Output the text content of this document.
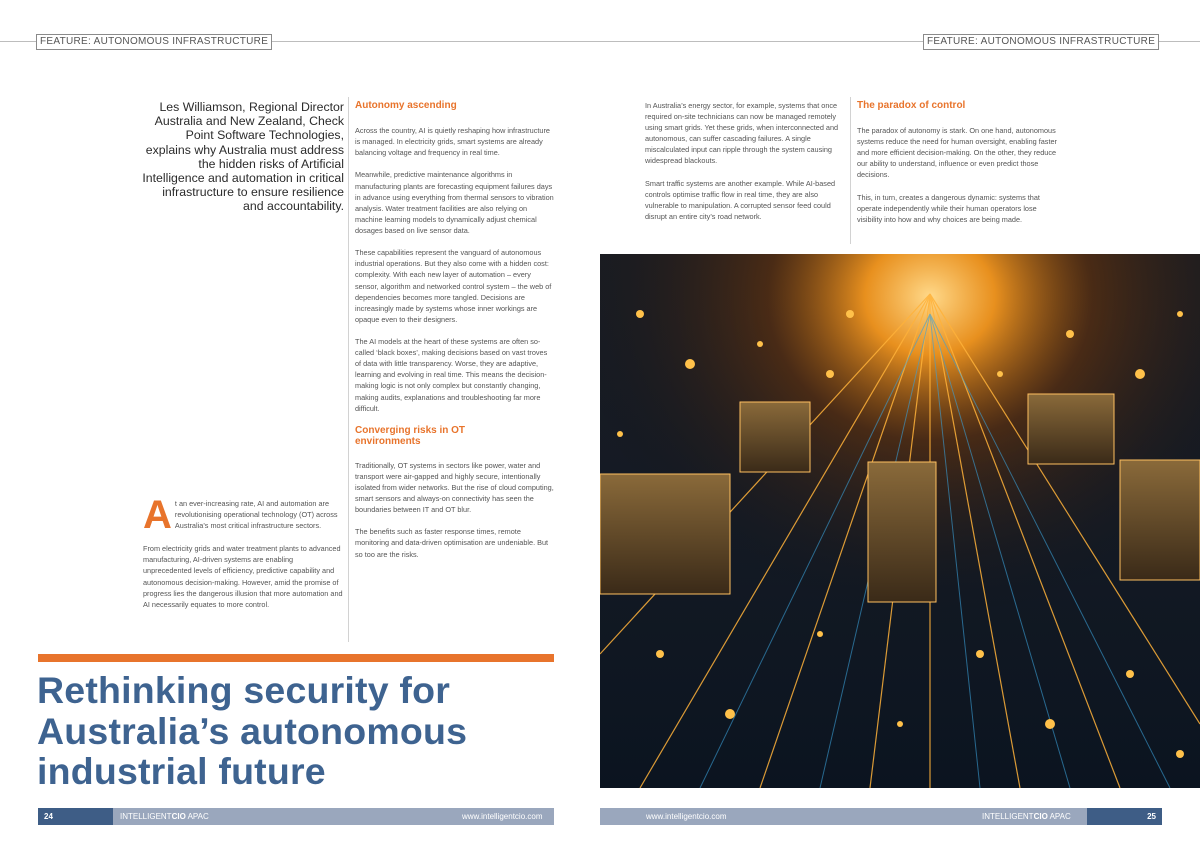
FEATURE: AUTONOMOUS INFRASTRUCTURE	FEATURE: AUTONOMOUS INFRASTRUCTURE
Les Williamson, Regional Director Australia and New Zealand, Check Point Software Technologies, explains why Australia must address the hidden risks of Artificial Intelligence and automation in critical infrastructure to ensure resilience and accountability.

At an ever-increasing rate, AI and automation are revolutionising operational technology (OT) across Australia’s most critical infrastructure sectors.

From electricity grids and water treatment plants to advanced manufacturing, AI-driven systems are enabling unprecedented levels of efficiency, predictive capability and autonomous decision-making. However, amid the promise of progress lies the dangerous illusion that more automation and AI necessarily equates to more control.

Autonomy ascending

Across the country, AI is quietly reshaping how infrastructure is managed. In electricity grids, smart systems are already balancing voltage and frequency in real time.

Meanwhile, predictive maintenance algorithms in manufacturing plants are forecasting equipment failures days in advance using everything from thermal sensors to vibration analysis. Water treatment facilities are also relying on machine learning models to dynamically adjust chemical dosages based on live sensor data.

These capabilities represent the vanguard of autonomous industrial operations. But they also come with a hidden cost: complexity. With each new layer of automation – every sensor, algorithm and networked control system – the web of dependencies becomes more tangled. Decisions are increasingly made by systems whose inner workings are opaque even to their designers.

The AI models at the heart of these systems are often so-called ‘black boxes’, making decisions based on vast troves of data with little transparency. Worse, they are adaptive, learning and evolving in real time. This means the decision-making logic is not only complex but constantly changing, making audits, explanations and troubleshooting far more difficult.

Converging risks in OT environments

Traditionally, OT systems in sectors like power, water and transport were air-gapped and highly secure, intentionally isolated from wider networks. But the rise of cloud computing, smart sensors and always-on connectivity has seen the boundaries between IT and OT blur.

The benefits such as faster response times, remote monitoring and data-driven optimisation are undeniable. But so too are the risks.

In Australia’s energy sector, for example, systems that once required on-site technicians can now be managed remotely using smart grids. Yet these grids, when interconnected and autonomous, can suffer cascading failures. A single miscalculated input can ripple through the system causing widespread blackouts.

Smart traffic systems are another example. While AI-based controls optimise traffic flow in real time, they are also vulnerable to manipulation. A corrupted sensor feed could disrupt an entire city’s road network.

The paradox of control

The paradox of autonomy is stark. On one hand, autonomous systems reduce the need for human oversight, enabling faster and more efficient decision-making. On the other, they reduce our ability to understand, influence or even predict those decisions.

This, in turn, creates a dangerous dynamic: systems that operate independently while their human operators lose visibility into how and why choices are being made.

Rethinking security for Australia’s autonomous industrial future
24	25
INTELLIGENTCIO APAC	www.intelligentcio.com	www.intelligentcio.com	INTELLIGENTCIO APAC
